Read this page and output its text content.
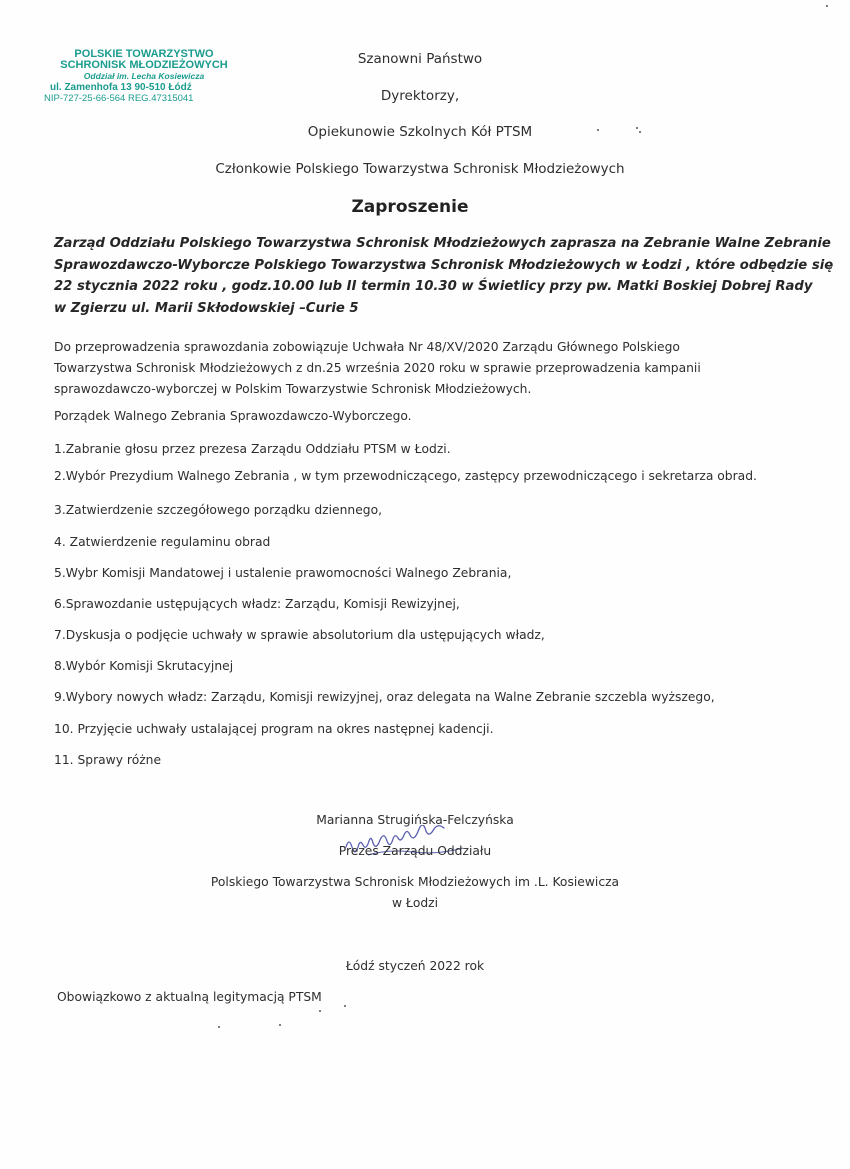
POLSKIE TOWARZYSTWO
SCHRONISK MŁODZIEŻOWYCH
Oddział im. Lecha Kosiewicza
ul. Zamenhofa 13 90-510 Łódź
NIP-727-25-66-564 REG.47315041
Szanowni Państwo
Dyrektorzy,
Opiekunowie Szkolnych Kół PTSM
Członkowie Polskiego Towarzystwa Schronisk Młodzieżowych
Zaproszenie
Zarząd Oddziału Polskiego Towarzystwa Schronisk Młodzieżowych zaprasza na Zebranie Walne Zebranie
Sprawozdawczo-Wyborcze Polskiego Towarzystwa Schronisk Młodzieżowych w Łodzi , które odbędzie się
22 stycznia 2022 roku , godz.10.00 lub II termin 10.30 w Świetlicy przy pw. Matki Boskiej Dobrej Rady
w Zgierzu ul. Marii Skłodowskiej –Curie 5
Do przeprowadzenia sprawozdania zobowiązuje Uchwała Nr 48/XV/2020 Zarządu Głównego Polskiego
Towarzystwa Schronisk Młodzieżowych z dn.25 września 2020 roku w sprawie przeprowadzenia kampanii
sprawozdawczo-wyborczej w Polskim Towarzystwie Schronisk Młodzieżowych.
Porządek Walnego Zebrania Sprawozdawczo-Wyborczego.
1.Zabranie głosu przez prezesa Zarządu Oddziału PTSM w Łodzi.
2.Wybór Prezydium Walnego Zebrania , w tym przewodniczącego, zastępcy przewodniczącego i sekretarza obrad.
3.Zatwierdzenie szczegółowego porządku dziennego,
4. Zatwierdzenie regulaminu obrad
5.Wybr Komisji Mandatowej i ustalenie prawomocności Walnego Zebrania,
6.Sprawozdanie ustępujących władz: Zarządu, Komisji Rewizyjnej,
7.Dyskusja o podjęcie uchwały w sprawie absolutorium dla ustępujących władz,
8.Wybór Komisji Skrutacyjnej
9.Wybory nowych władz: Zarządu, Komisji rewizyjnej, oraz delegata na Walne Zebranie szczebla wyższego,
10. Przyjęcie uchwały ustalającej program na okres następnej kadencji.
11. Sprawy różne
Marianna Strugińska-Felczyńska
Prezes Zarządu Oddziału
Polskiego Towarzystwa Schronisk Młodzieżowych im .L. Kosiewicza
w Łodzi
Łódź styczeń 2022 rok
Obowiązkowo z aktualną legitymacją PTSM
